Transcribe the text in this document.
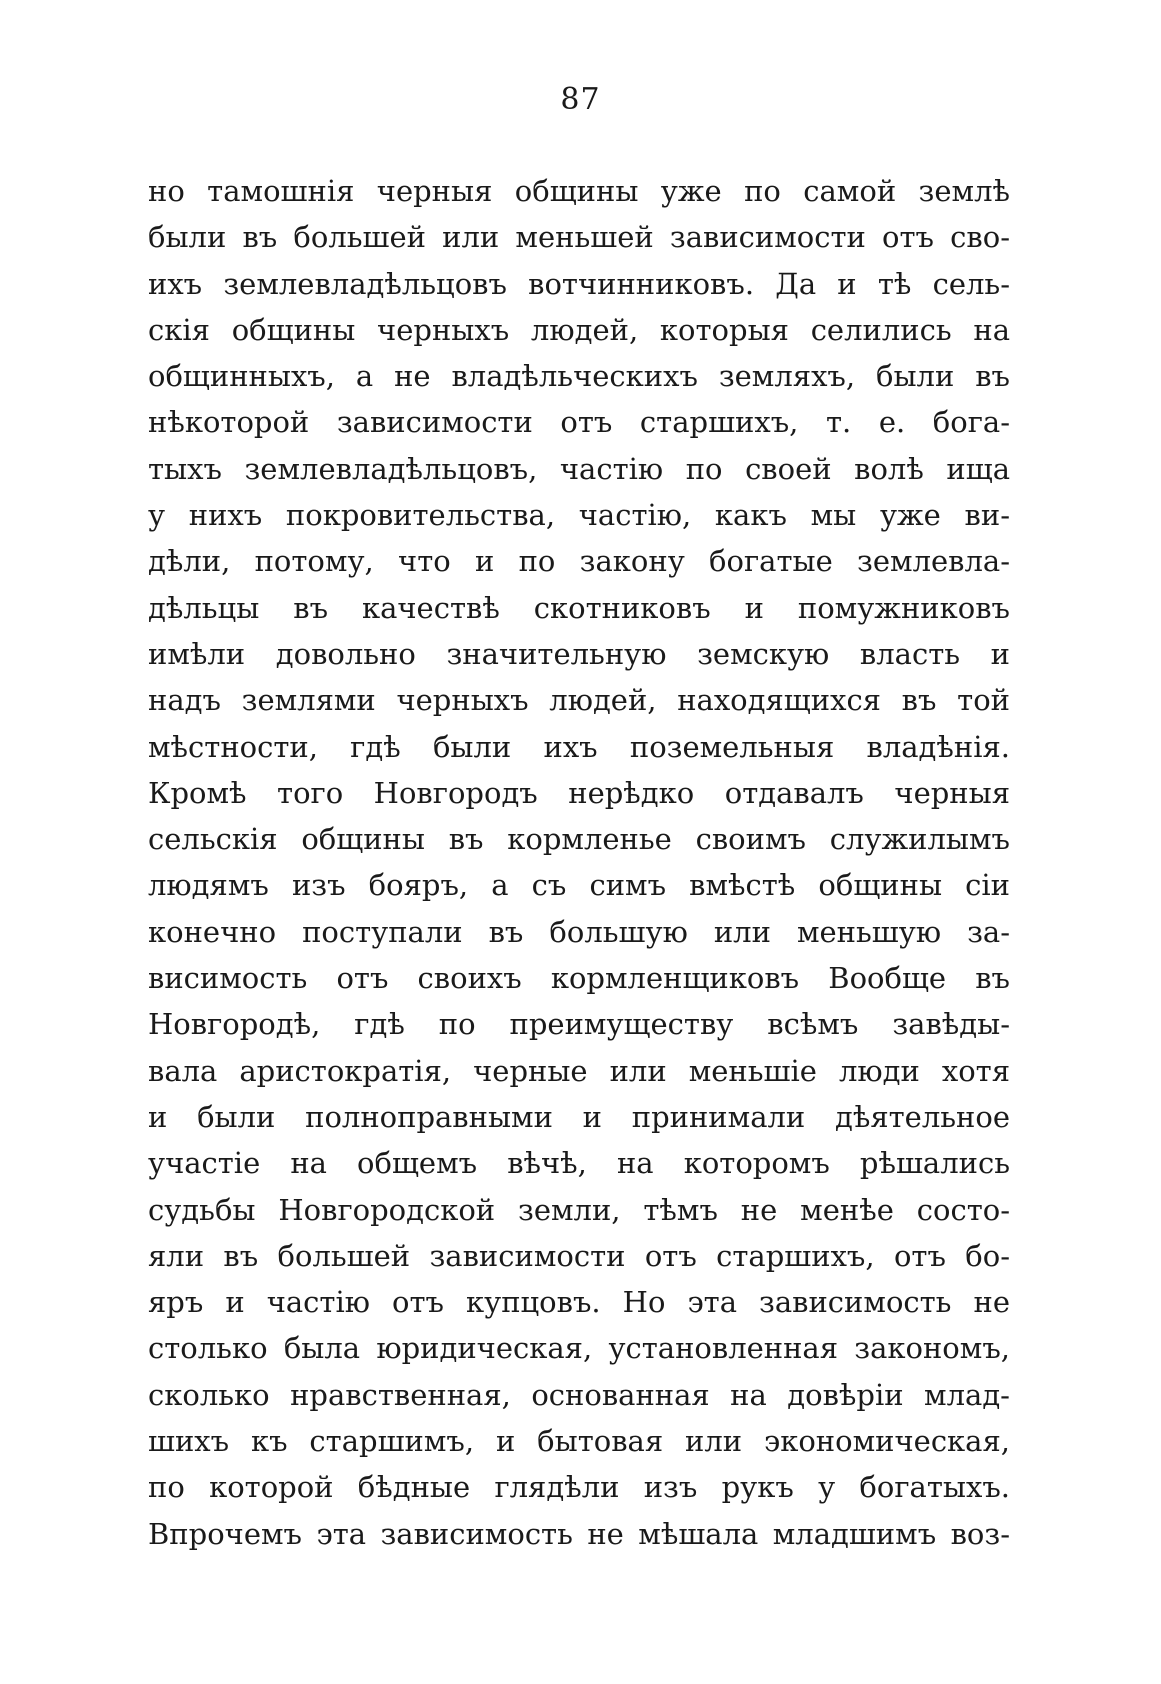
87
но тамошнія черныя общины уже по самой землѣ
были въ большей или меньшей зависимости отъ сво-
ихъ землевладѣльцовъ вотчинниковъ. Да и тѣ сель-
скія общины черныхъ людей, которыя селились на
общинныхъ, а не владѣльческихъ земляхъ, были въ
нѣкоторой зависимости отъ старшихъ, т. е. бога-
тыхъ землевладѣльцовъ, частію по своей волѣ ища
у нихъ покровительства, частію, какъ мы уже ви-
дѣли, потому, что и по закону богатые землевла-
дѣльцы въ качествѣ скотниковъ и помужниковъ
имѣли довольно значительную земскую власть и
надъ землями черныхъ людей, находящихся въ той
мѣстности, гдѣ были ихъ поземельныя владѣнія.
Кромѣ того Новгородъ нерѣдко отдавалъ черныя
сельскія общины въ кормленье своимъ служилымъ
людямъ изъ бояръ, а съ симъ вмѣстѣ общины сіи
конечно поступали въ большую или меньшую за-
висимость отъ своихъ кормленщиковъ Вообще въ
Новгородѣ, гдѣ по преимуществу всѣмъ завѣды-
вала аристократія, черные или меньшіе люди хотя
и были полноправными и принимали дѣятельное
участіе на общемъ вѣчѣ, на которомъ рѣшались
судьбы Новгородской земли, тѣмъ не менѣе состо-
яли въ большей зависимости отъ старшихъ, отъ бо-
яръ и частію отъ купцовъ. Но эта зависимость не
столько была юридическая, установленная закономъ,
сколько нравственная, основанная на довѣріи млад-
шихъ къ старшимъ, и бытовая или экономическая,
по которой бѣдные глядѣли изъ рукъ у богатыхъ.
Впрочемъ эта зависимость не мѣшала младшимъ воз-
